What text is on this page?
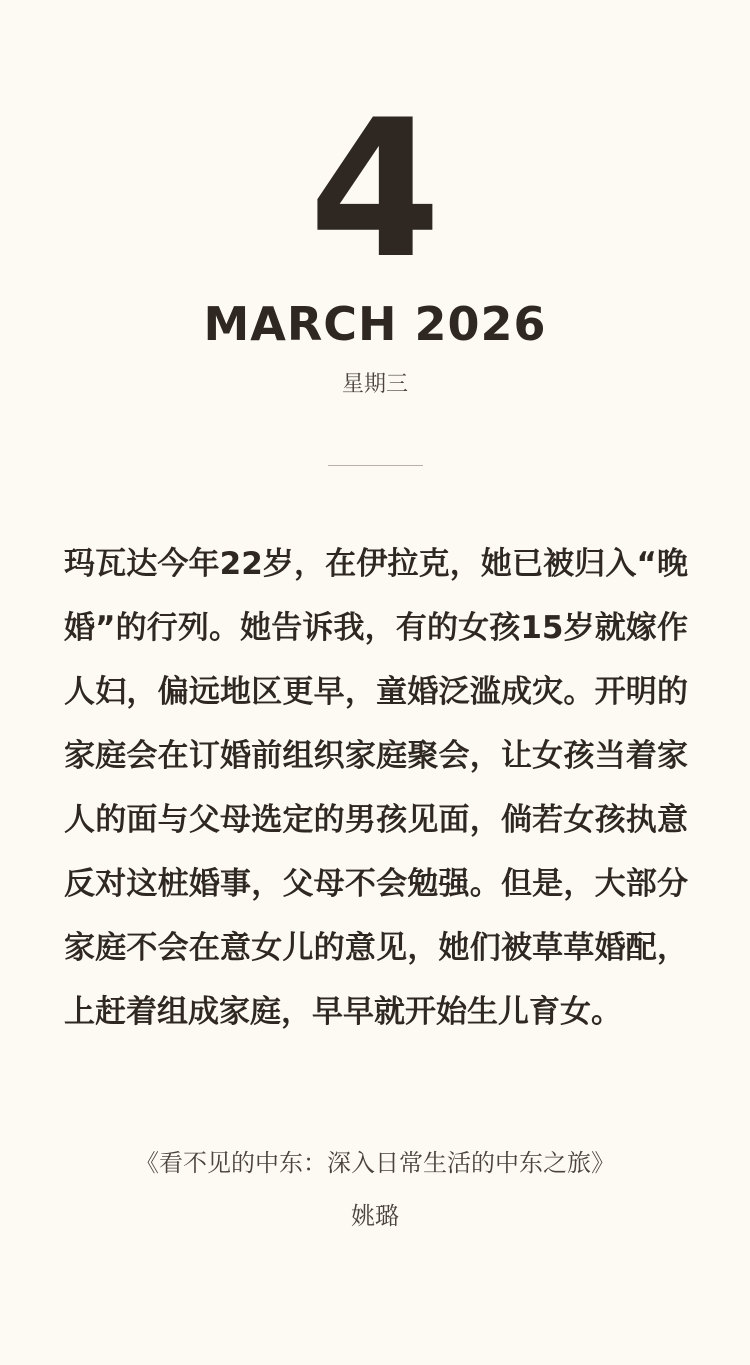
4
MARCH 2026
星期三

玛瓦达今年22岁，在伊拉克，她已被归入“晚婚”的行列。她告诉我，有的女孩15岁就嫁作人妇，偏远地区更早，童婚泛滥成灾。开明的家庭会在订婚前组织家庭聚会，让女孩当着家人的面与父母选定的男孩见面，倘若女孩执意反对这桩婚事，父母不会勉强。但是，大部分家庭不会在意女儿的意见，她们被草草婚配，上赶着组成家庭，早早就开始生儿育女。

《看不见的中东：深入日常生活的中东之旅》
姚璐
